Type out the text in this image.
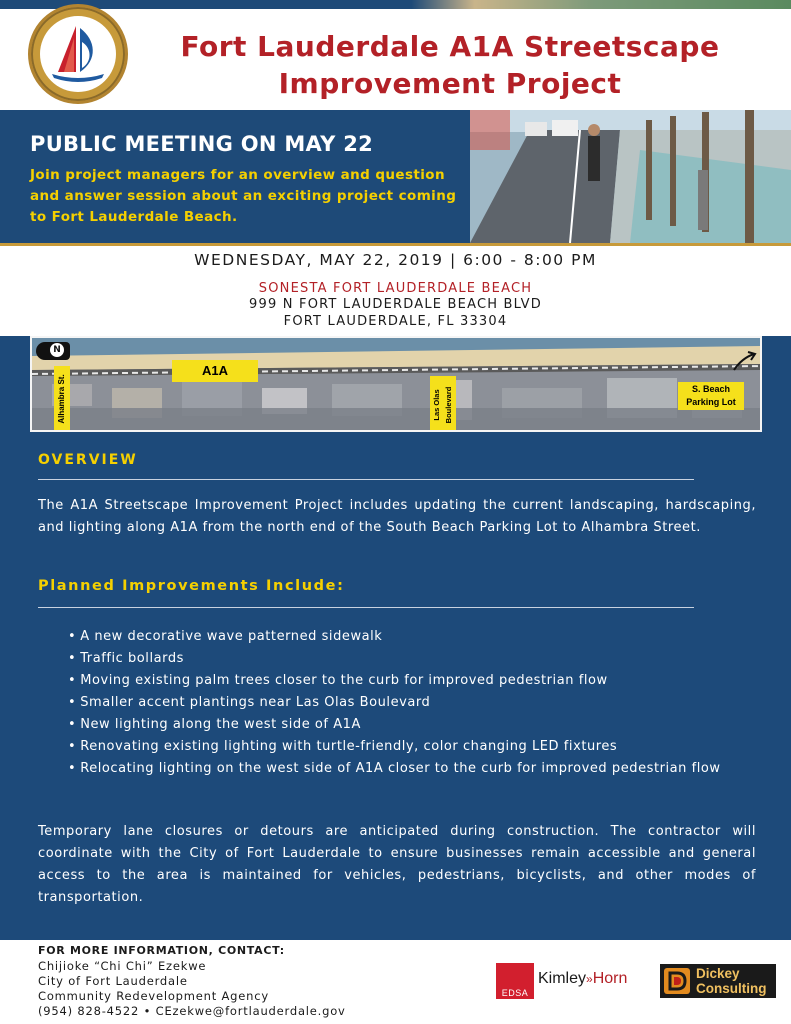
Fort Lauderdale A1A Streetscape
Improvement Project
PUBLIC MEETING ON MAY 22
Join project managers for an overview and question and answer session about an exciting project coming to Fort Lauderdale Beach.
WEDNESDAY, MAY 22, 2019 | 6:00 - 8:00 PM
SONESTA FORT LAUDERDALE BEACH
999 N FORT LAUDERDALE BEACH BLVD
FORT LAUDERDALE, FL 33304
N
A1A
Alhambra St.	Las Olas Boulevard	S. Beach Parking Lot
OVERVIEW
The A1A Streetscape Improvement Project includes updating the current landscaping, hardscaping, and lighting along A1A from the north end of the South Beach Parking Lot to Alhambra Street.
Planned Improvements Include:
• A new decorative wave patterned sidewalk
• Traffic bollards
• Moving existing palm trees closer to the curb for improved pedestrian flow
• Smaller accent plantings near Las Olas Boulevard
• New lighting along the west side of A1A
• Renovating existing lighting with turtle-friendly, color changing LED fixtures
• Relocating lighting on the west side of A1A closer to the curb for improved pedestrian flow
Temporary lane closures or detours are anticipated during construction. The contractor will coordinate with the City of Fort Lauderdale to ensure businesses remain accessible and general access to the area is maintained for vehicles, pedestrians, bicyclists, and other modes of transportation.
FOR MORE INFORMATION, CONTACT:
Chijioke “Chi Chi” Ezekwe
City of Fort Lauderdale
Community Redevelopment Agency
(954) 828-4522 • CEzekwe@fortlauderdale.gov
EDSA
Kimley»Horn	Dickey
Consulting
